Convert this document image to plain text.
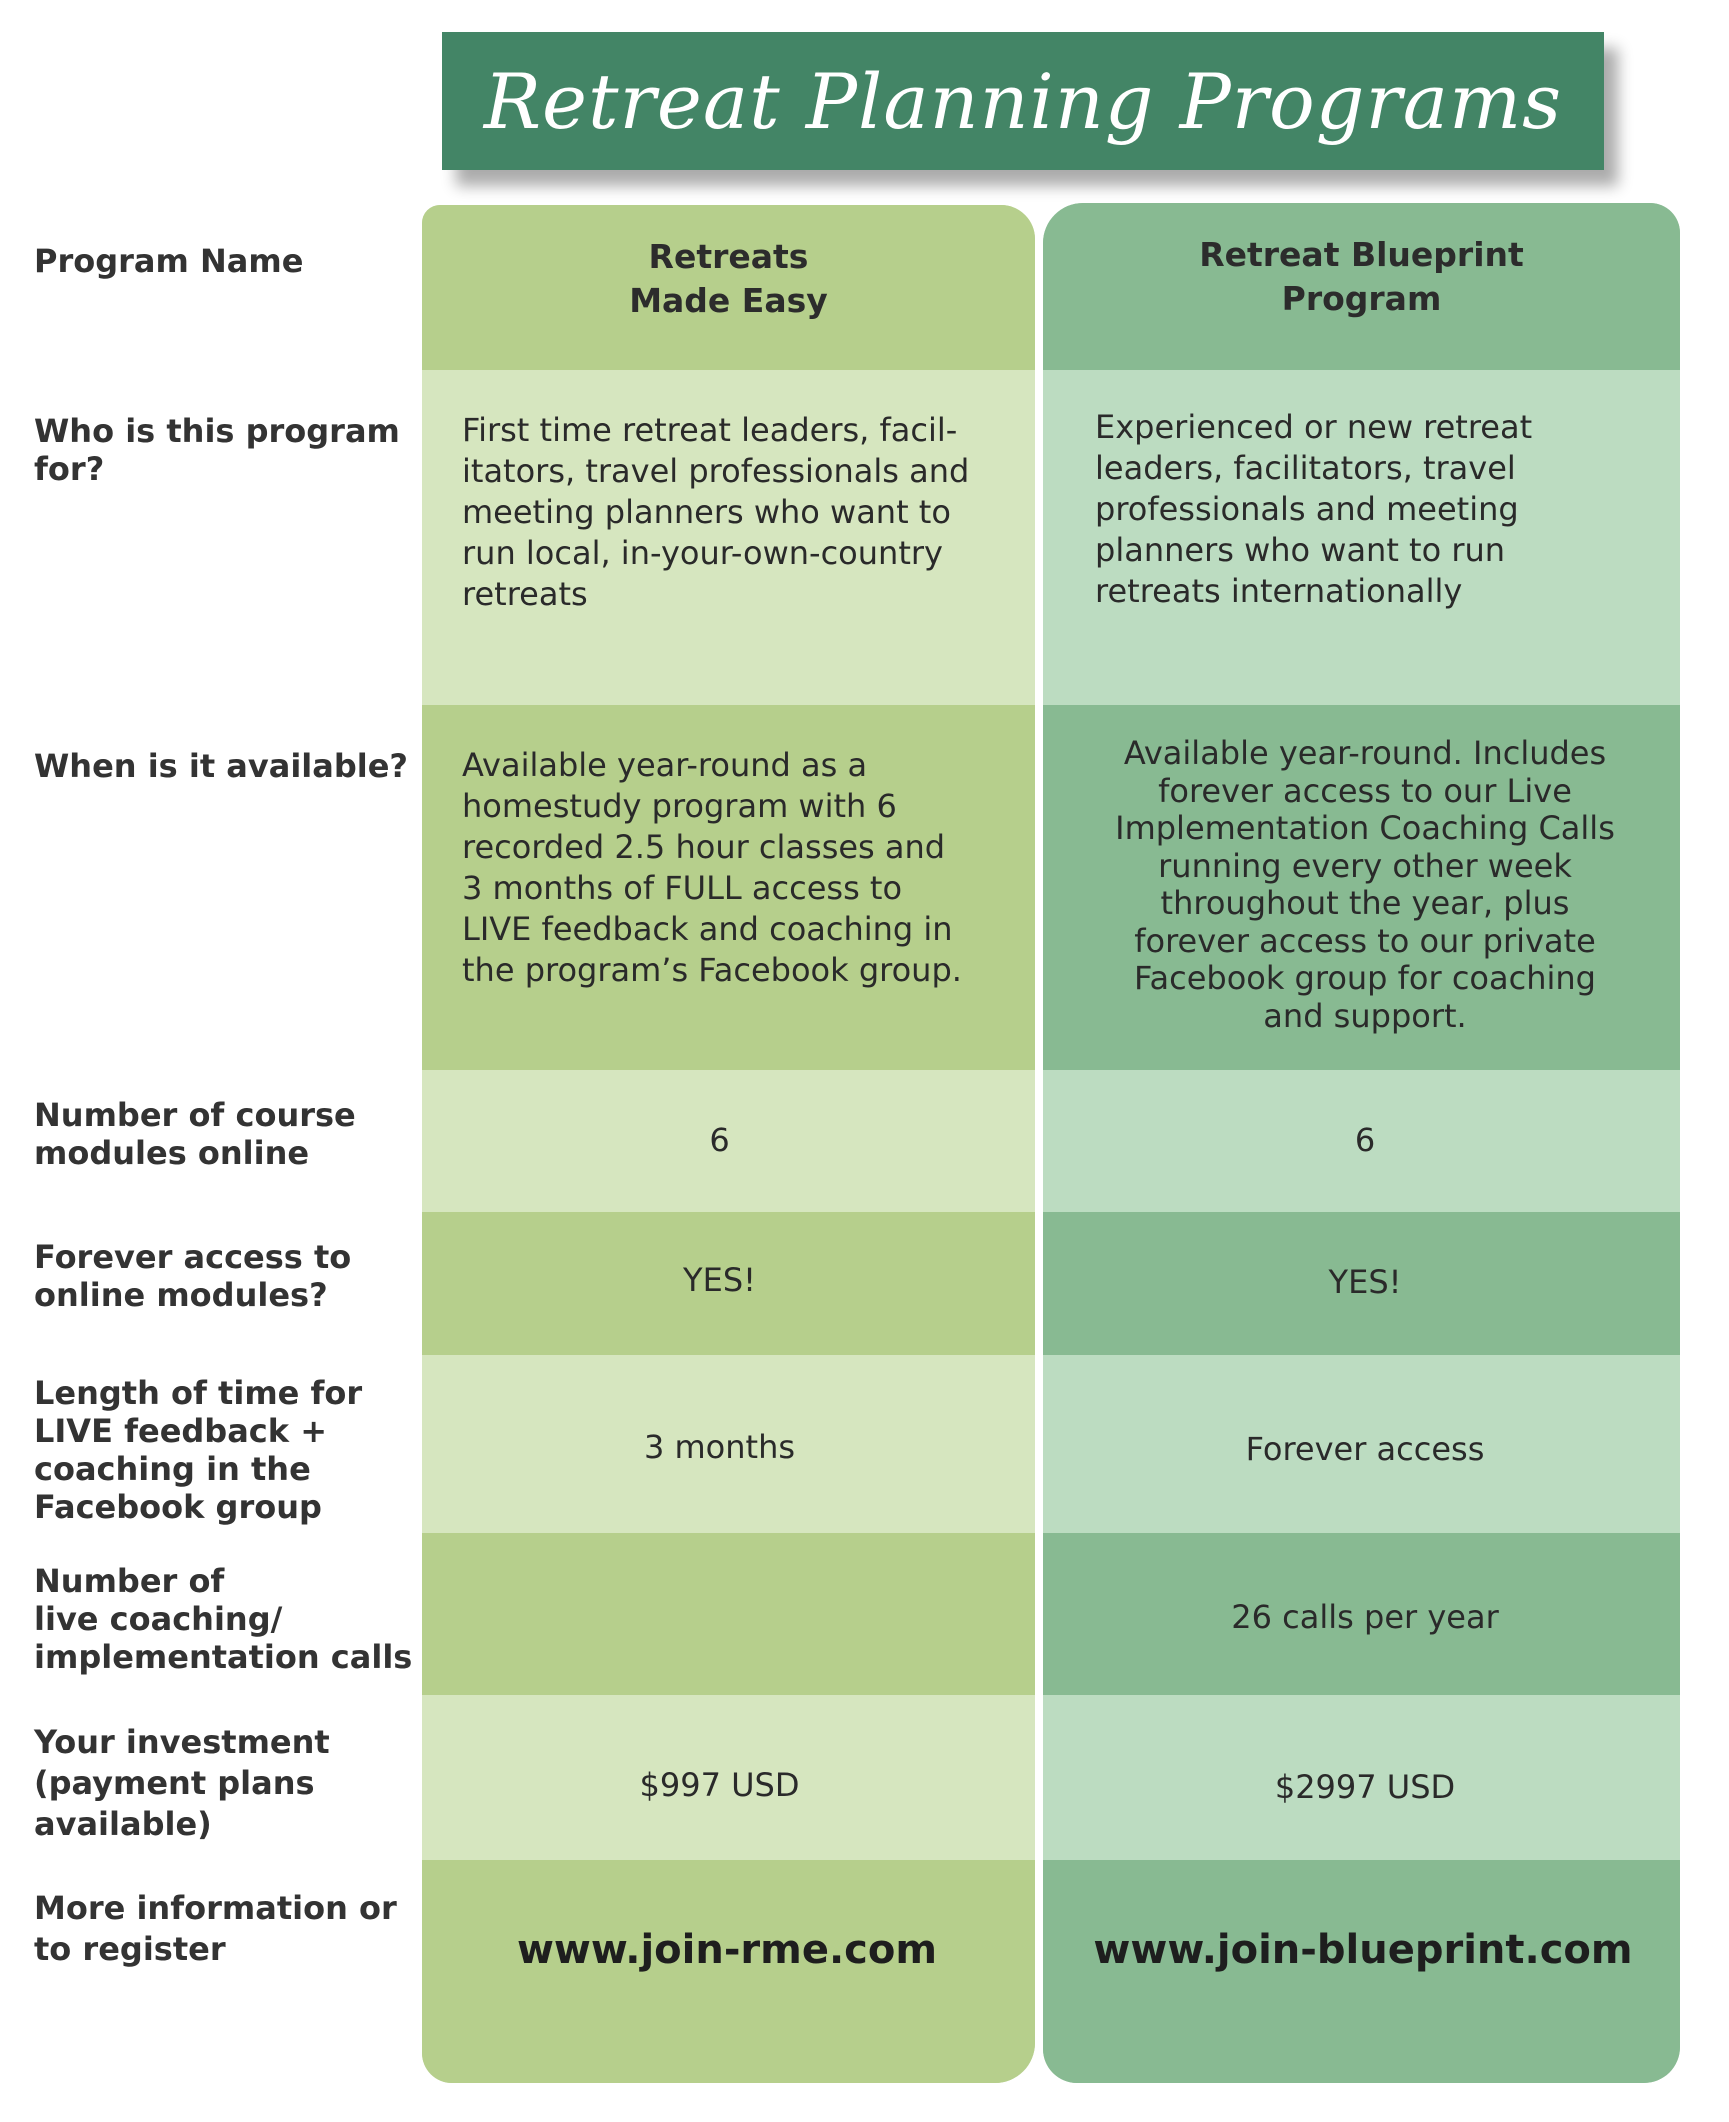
Retreat Planning Programs
Retreats
Made Easy
Retreat Blueprint
Program
Program Name
Who is this program
for?
When is it available?
Number of course
modules online
Forever access to
online modules?
Length of time for
LIVE feedback +
coaching in the
Facebook group
Number of
live coaching/
implementation calls
Your investment
(payment plans
available)
More information or
to register
First time retreat leaders, facil-
itators, travel professionals and
meeting planners who want to
run local, in-your-own-country
retreats
Available year-round as a
homestudy program with 6
recorded 2.5 hour classes and
3 months of FULL access to
LIVE feedback and coaching in
the program’s Facebook group.
6
YES!
3 months
$997 USD
www.join-rme.com
Experienced or new retreat
leaders, facilitators, travel
professionals and meeting
planners who want to run
retreats internationally
Available year-round. Includes
forever access to our Live
Implementation Coaching Calls
running every other week
throughout the year, plus
forever access to our private
Facebook group for coaching
and support.
6
YES!
Forever access
26 calls per year
$2997 USD
www.join-blueprint.com
